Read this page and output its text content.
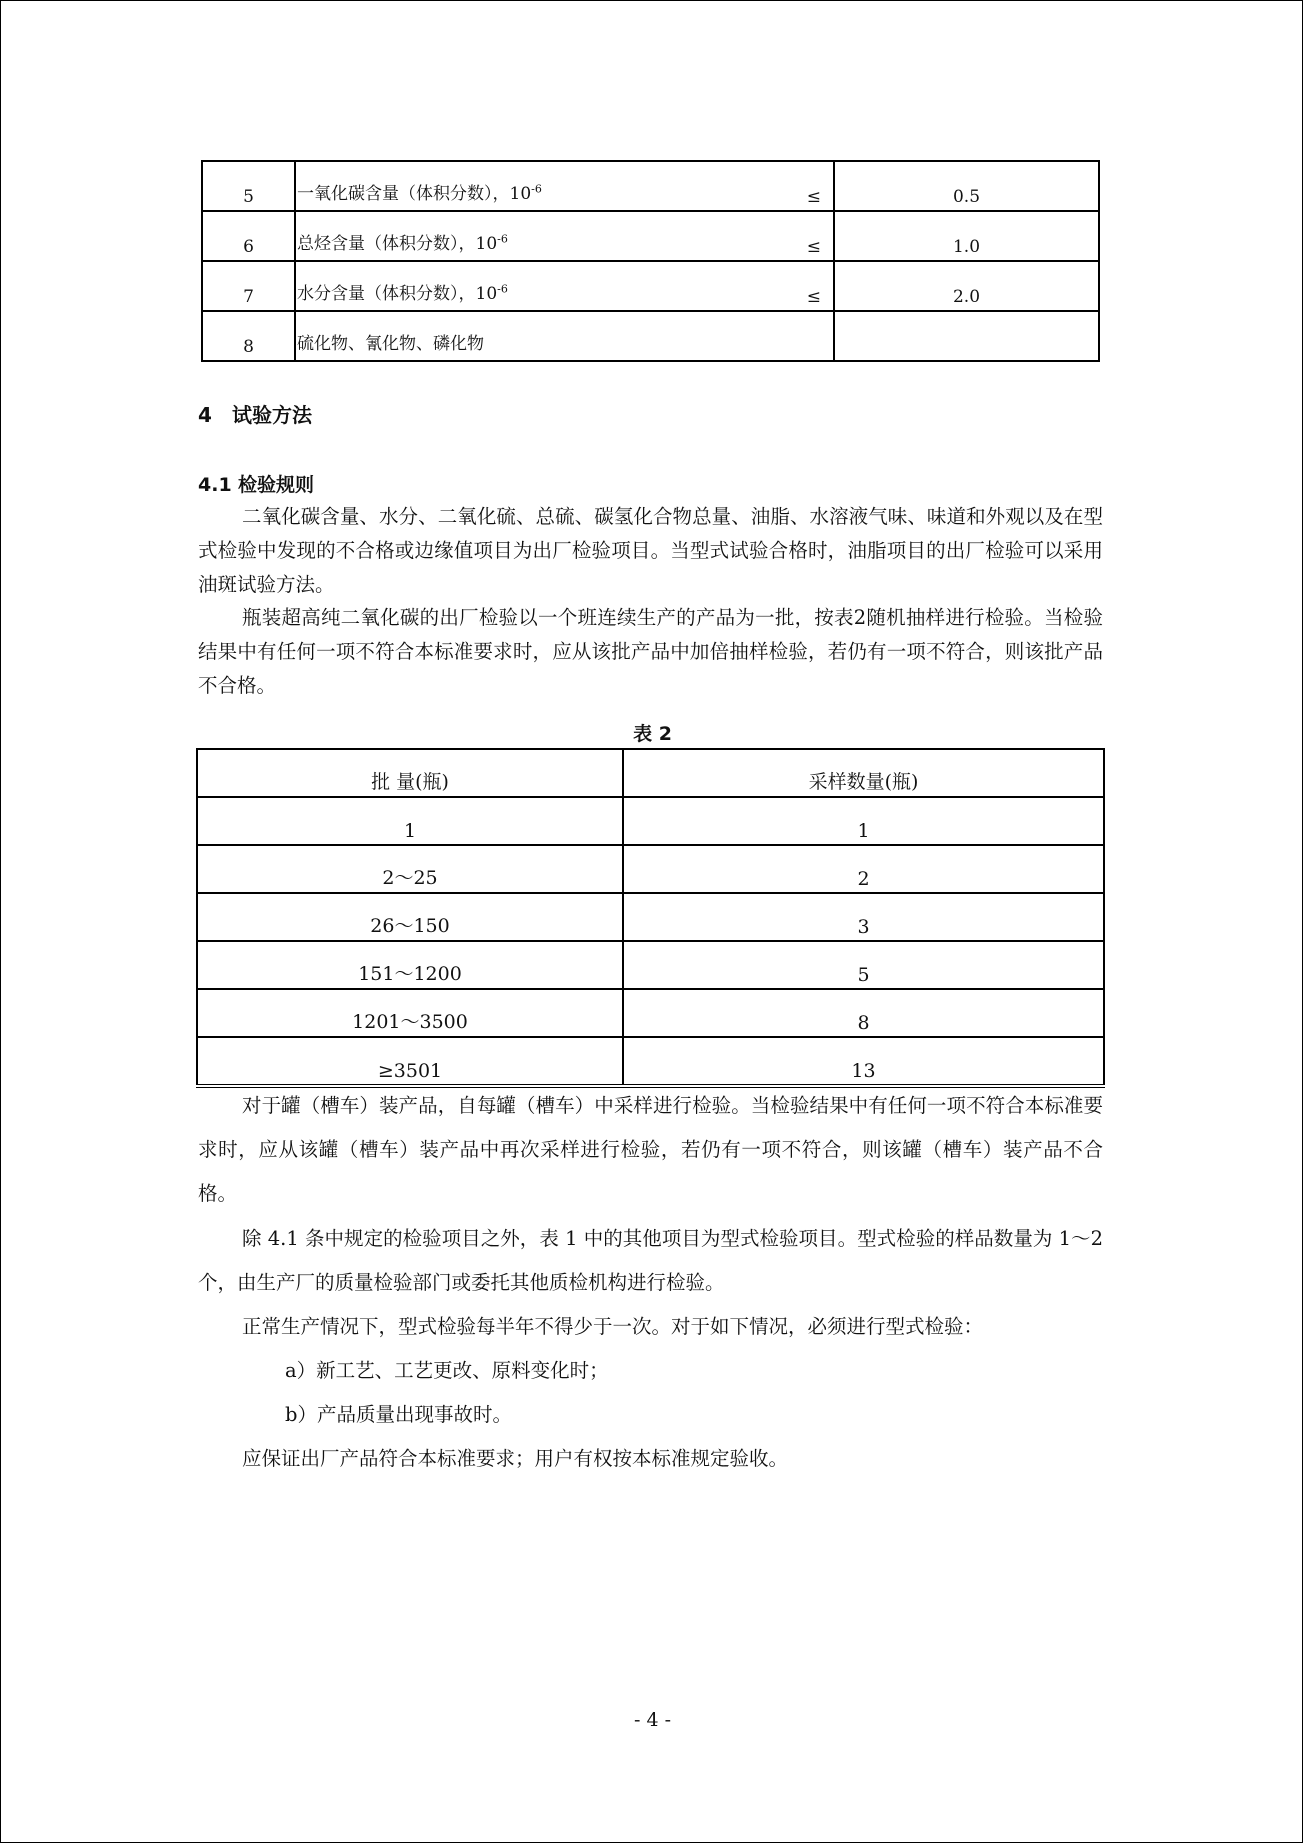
5	一氧化碳含量（体积分数），$10^{-6}$ ≤	0.5
6	总烃含量（体积分数），$10^{-6}$ ≤	1.0
7	水分含量（体积分数），$10^{-6}$ ≤	2.0
8	硫化物、氰化物、磷化物

4 试验方法
4.1 检验规则

二氧化碳含量、水分、二氧化硫、总硫、碳氢化合物总量、油脂、水溶液气味、味道和外观以及在型式检验中发现的不合格或边缘值项目为出厂检验项目。当型式试验合格时，油脂项目的出厂检验可以采用油斑试验方法。

瓶装超高纯二氧化碳的出厂检验以一个班连续生产的产品为一批，按表2随机抽样进行检验。当检验结果中有任何一项不符合本标准要求时，应从该批产品中加倍抽样检验，若仍有一项不符合，则该批产品不合格。

表 2
批 量(瓶)	采样数量(瓶)
1	1
2～25	2
26～150	3
151～1200	5
1201～3500	8
≥3501	13

对于罐（槽车）装产品，自每罐（槽车）中采样进行检验。当检验结果中有任何一项不符合本标准要求时，应从该罐（槽车）装产品中再次采样进行检验，若仍有一项不符合，则该罐（槽车）装产品不合格。

除 4.1 条中规定的检验项目之外，表 1 中的其他项目为型式检验项目。型式检验的样品数量为 1～2 个，由生产厂的质量检验部门或委托其他质检机构进行检验。

正常生产情况下，型式检验每半年不得少于一次。对于如下情况，必须进行型式检验：

a）新工艺、工艺更改、原料变化时；

b）产品质量出现事故时。

应保证出厂产品符合本标准要求；用户有权按本标准规定验收。

- 4 -
